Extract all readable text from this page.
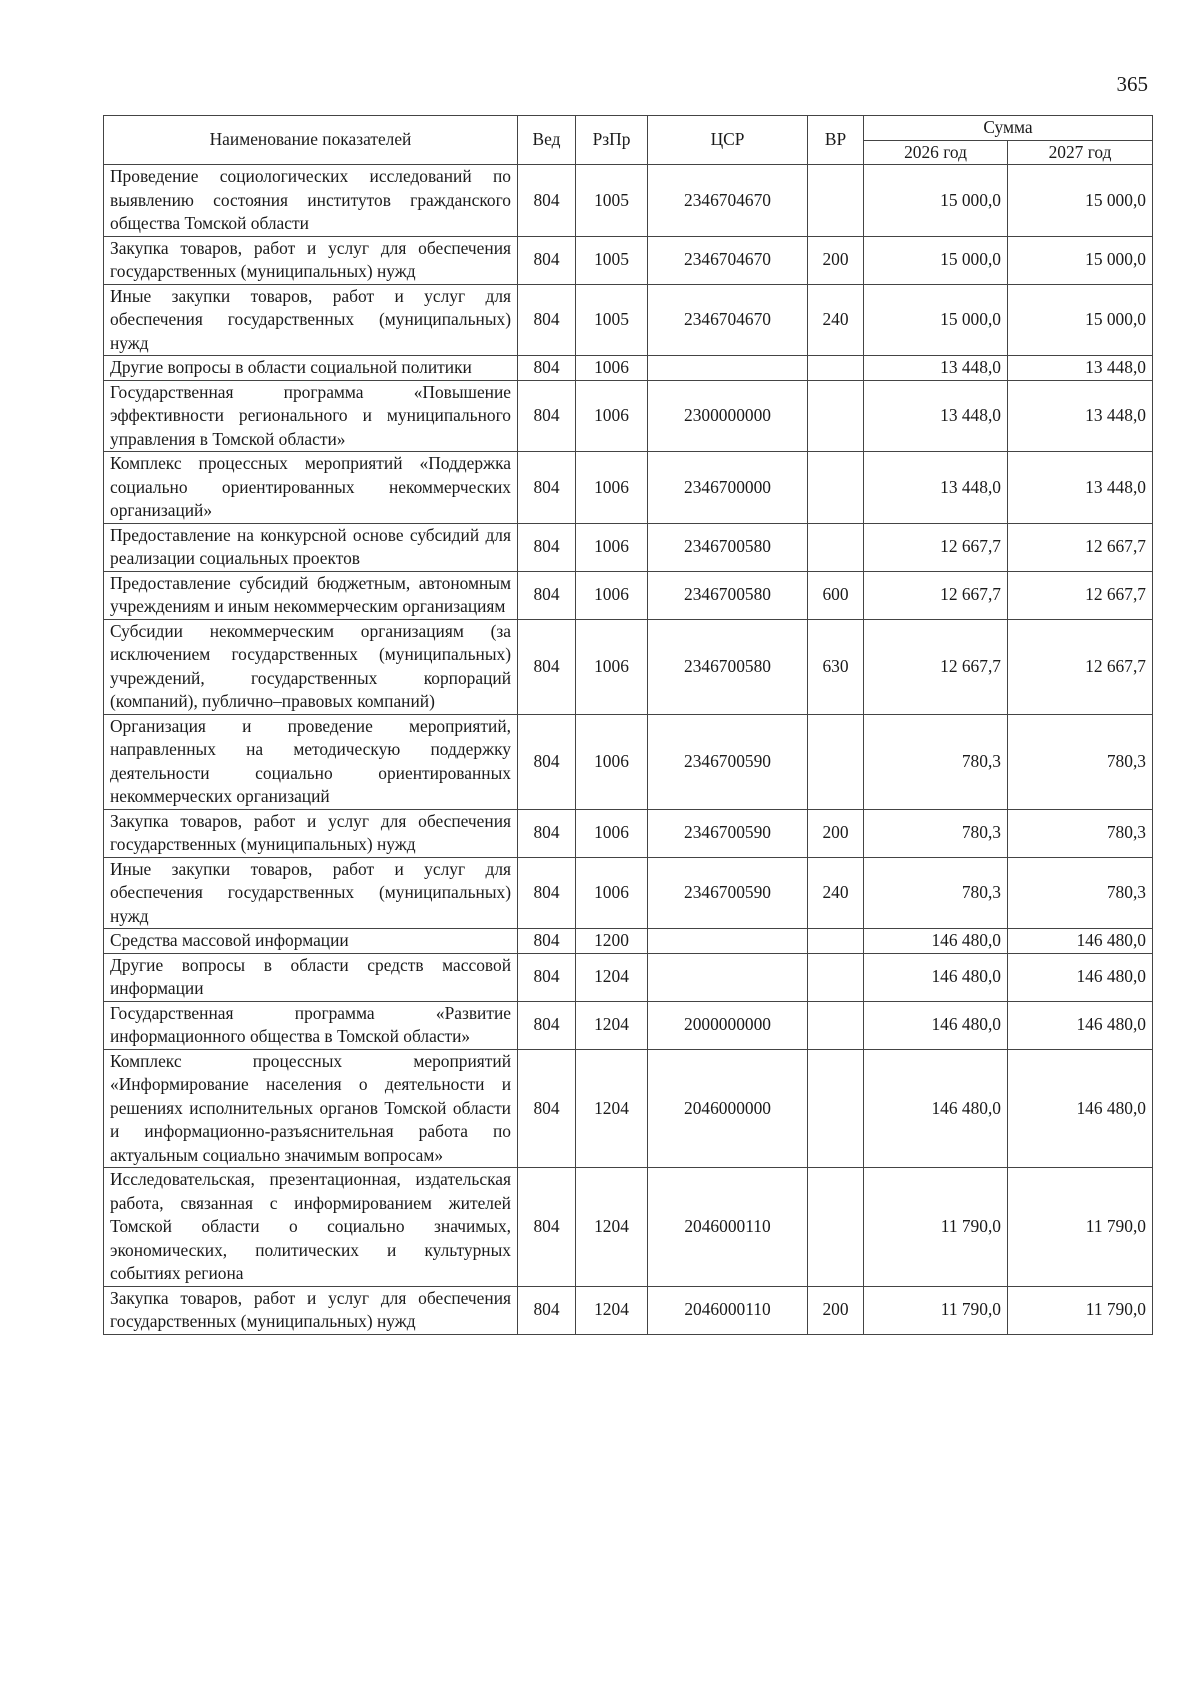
365
Наименование показателей	Вед	РзПр	ЦСР	ВР	Сумма	
					2026 год	2027 год
Проведение социологических исследований по выявлению состояния институтов гражданского общества Томской области	804	1005	2346704670		15 000,0	15 000,0
Закупка товаров, работ и услуг для обеспечения государственных (муниципальных) нужд	804	1005	2346704670	200	15 000,0	15 000,0
Иные закупки товаров, работ и услуг для обеспечения государственных (муниципальных) нужд	804	1005	2346704670	240	15 000,0	15 000,0
Другие вопросы в области социальной политики	804	1006			13 448,0	13 448,0
Государственная программа «Повышение эффективности регионального и муниципального управления в Томской области»	804	1006	2300000000		13 448,0	13 448,0
Комплекс процессных мероприятий «Поддержка социально ориентированных некоммерческих организаций»	804	1006	2346700000		13 448,0	13 448,0
Предоставление на конкурсной основе субсидий для реализации социальных проектов	804	1006	2346700580		12 667,7	12 667,7
Предоставление субсидий бюджетным, автономным учреждениям и иным некоммерческим организациям	804	1006	2346700580	600	12 667,7	12 667,7
Субсидии некоммерческим организациям (за исключением государственных (муниципальных) учреждений, государственных корпораций (компаний), публично–правовых компаний)	804	1006	2346700580	630	12 667,7	12 667,7
Организация и проведение мероприятий, направленных на методическую поддержку деятельности социально ориентированных некоммерческих организаций	804	1006	2346700590		780,3	780,3
Закупка товаров, работ и услуг для обеспечения государственных (муниципальных) нужд	804	1006	2346700590	200	780,3	780,3
Иные закупки товаров, работ и услуг для обеспечения государственных (муниципальных) нужд	804	1006	2346700590	240	780,3	780,3
Средства массовой информации	804	1200			146 480,0	146 480,0
Другие вопросы в области средств массовой информации	804	1204			146 480,0	146 480,0
Государственная программа «Развитие информационного общества в Томской области»	804	1204	2000000000		146 480,0	146 480,0
Комплекс процессных мероприятий «Информирование населения о деятельности и решениях исполнительных органов Томской области и информационно-разъяснительная работа по актуальным социально значимым вопросам»	804	1204	2046000000		146 480,0	146 480,0
Исследовательская, презентационная, издательская работа, связанная с информированием жителей Томской области о социально значимых, экономических, политических и культурных событиях региона	804	1204	2046000110		11 790,0	11 790,0
Закупка товаров, работ и услуг для обеспечения государственных (муниципальных) нужд	804	1204	2046000110	200	11 790,0	11 790,0
